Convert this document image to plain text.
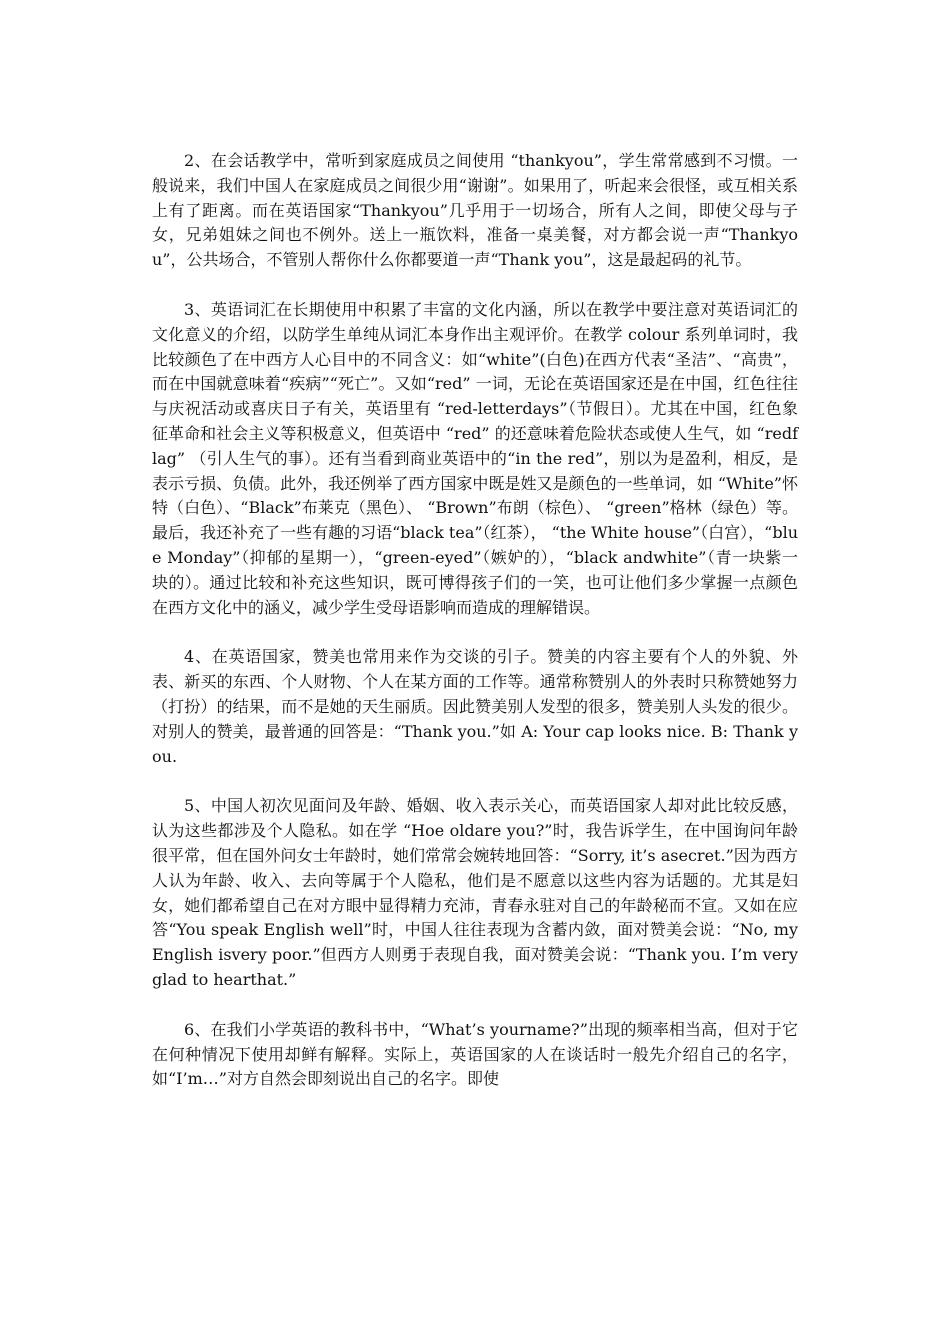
2、在会话教学中，常听到家庭成员之间使用 “thankyou”，学生常常感到不习惯。一般说来，我们中国人在家庭成员之间很少用“谢谢”。如果用了，听起来会很怪，或互相关系上有了距离。而在英语国家“Thankyou”几乎用于一切场合，所有人之间，即使父母与子女，兄弟姐妹之间也不例外。送上一瓶饮料，准备一桌美餐，对方都会说一声“Thankyou”，公共场合，不管别人帮你什么你都要道一声“Thank you”，这是最起码的礼节。

3、英语词汇在长期使用中积累了丰富的文化内涵，所以在教学中要注意对英语词汇的文化意义的介绍，以防学生单纯从词汇本身作出主观评价。在教学 colour 系列单词时，我比较颜色了在中西方人心目中的不同含义：如“white”(白色)在西方代表“圣洁”、“高贵”，而在中国就意味着“疾病”“死亡”。又如“red” 一词，无论在英语国家还是在中国，红色往往与庆祝活动或喜庆日子有关，英语里有 “red-letterdays”（节假日）。尤其在中国，红色象征革命和社会主义等积极意义，但英语中 “red” 的还意味着危险状态或使人生气，如 “redflag” （引人生气的事）。还有当看到商业英语中的“in the red”，别以为是盈利，相反，是表示亏损、负债。此外，我还例举了西方国家中既是姓又是颜色的一些单词，如 “White”怀特（白色）、“Black”布莱克（黑色）、 “Brown”布朗（棕色）、 “green”格林（绿色）等。最后，我还补充了一些有趣的习语“black tea”（红茶）， “the White house”（白宫），“blue Monday”（抑郁的星期一），“green-eyed”（嫉妒的），“black andwhite”（青一块紫一块的）。通过比较和补充这些知识，既可博得孩子们的一笑，也可让他们多少掌握一点颜色在西方文化中的涵义，减少学生受母语影响而造成的理解错误。

4、在英语国家，赞美也常用来作为交谈的引子。赞美的内容主要有个人的外貌、外表、新买的东西、个人财物、个人在某方面的工作等。通常称赞别人的外表时只称赞她努力（打扮）的结果，而不是她的天生丽质。因此赞美别人发型的很多，赞美别人头发的很少。对别人的赞美，最普通的回答是：“Thank you.”如 A: Your cap looks nice. B: Thank you.

5、中国人初次见面问及年龄、婚姻、收入表示关心，而英语国家人却对此比较反感，认为这些都涉及个人隐私。如在学 “Hoe oldare you?”时，我告诉学生，在中国询问年龄很平常，但在国外问女士年龄时，她们常常会婉转地回答：“Sorry, it’s asecret.”因为西方人认为年龄、收入、去向等属于个人隐私，他们是不愿意以这些内容为话题的。尤其是妇女，她们都希望自己在对方眼中显得精力充沛，青春永驻对自己的年龄秘而不宣。又如在应答“You speak English well”时，中国人往往表现为含蓄内敛，面对赞美会说：“No, my English isvery poor.”但西方人则勇于表现自我，面对赞美会说：“Thank you. I’m very glad to hearthat.”

6、在我们小学英语的教科书中，“What’s yourname?”出现的频率相当高，但对于它在何种情况下使用却鲜有解释。实际上，英语国家的人在谈话时一般先介绍自己的名字，如“I’m…”对方自然会即刻说出自己的名字。即使
